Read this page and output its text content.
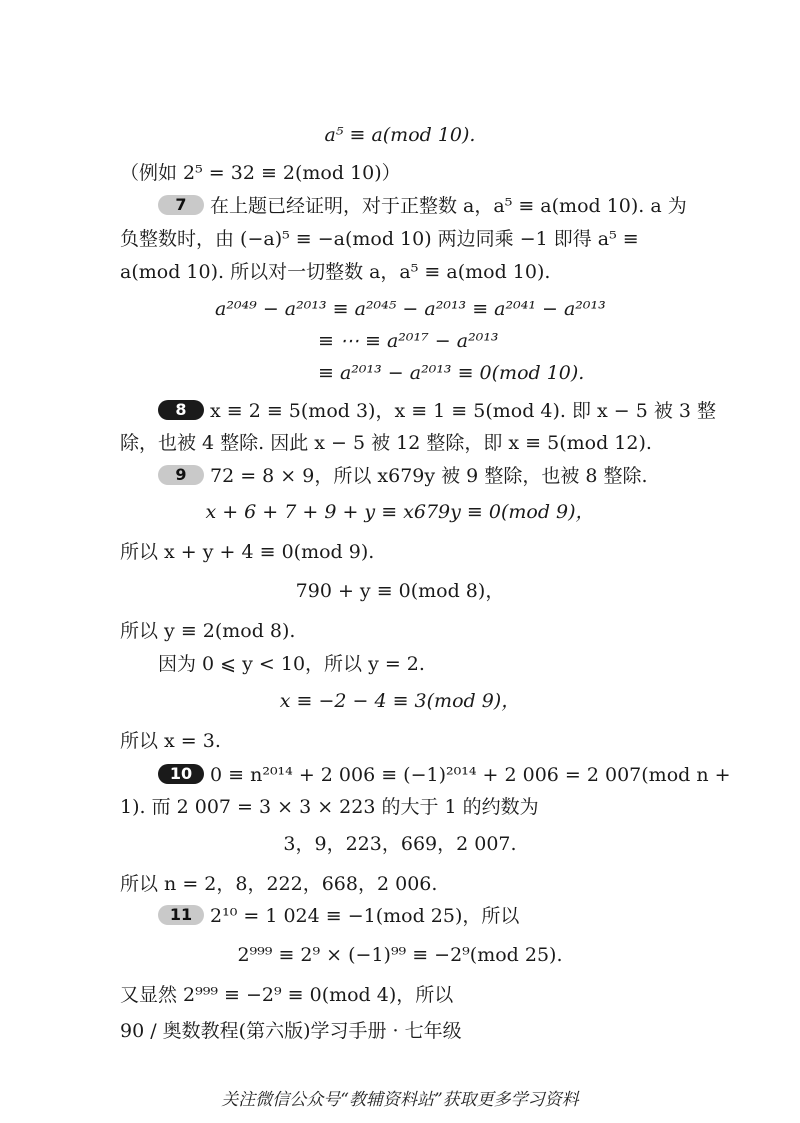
a⁵ ≡ a(mod 10).
（例如 2⁵ = 32 ≡ 2(mod 10)）
7 在上题已经证明，对于正整数 a，a⁵ ≡ a(mod 10). a 为
负整数时，由 (−a)⁵ ≡ −a(mod 10) 两边同乘 −1 即得 a⁵ ≡
a(mod 10). 所以对一切整数 a，a⁵ ≡ a(mod 10).
a²⁰⁴⁹ − a²⁰¹³ ≡ a²⁰⁴⁵ − a²⁰¹³ ≡ a²⁰⁴¹ − a²⁰¹³
≡ ⋯ ≡ a²⁰¹⁷ − a²⁰¹³
≡ a²⁰¹³ − a²⁰¹³ ≡ 0(mod 10).
8 x ≡ 2 ≡ 5(mod 3)，x ≡ 1 ≡ 5(mod 4). 即 x − 5 被 3 整
除，也被 4 整除. 因此 x − 5 被 12 整除，即 x ≡ 5(mod 12).
9 72 = 8 × 9，所以 x679y 被 9 整除，也被 8 整除.
x + 6 + 7 + 9 + y ≡ x679y ≡ 0(mod 9)，
所以 x + y + 4 ≡ 0(mod 9).
790 + y ≡ 0(mod 8)，
所以 y ≡ 2(mod 8).
因为 0 ⩽ y < 10，所以 y = 2.
x ≡ −2 − 4 ≡ 3(mod 9)，
所以 x = 3.
10 0 ≡ n²⁰¹⁴ + 2 006 ≡ (−1)²⁰¹⁴ + 2 006 = 2 007(mod n +
1). 而 2 007 = 3 × 3 × 223 的大于 1 的约数为
3，9，223，669，2 007.
所以 n = 2，8，222，668，2 006.
11 2¹⁰ = 1 024 ≡ −1(mod 25)，所以
2⁹⁹⁹ ≡ 2⁹ × (−1)⁹⁹ ≡ −2⁹(mod 25).
又显然 2⁹⁹⁹ ≡ −2⁹ ≡ 0(mod 4)，所以
90 / 奥数教程(第六版)学习手册 · 七年级
关注微信公众号“教辅资料站”获取更多学习资料
